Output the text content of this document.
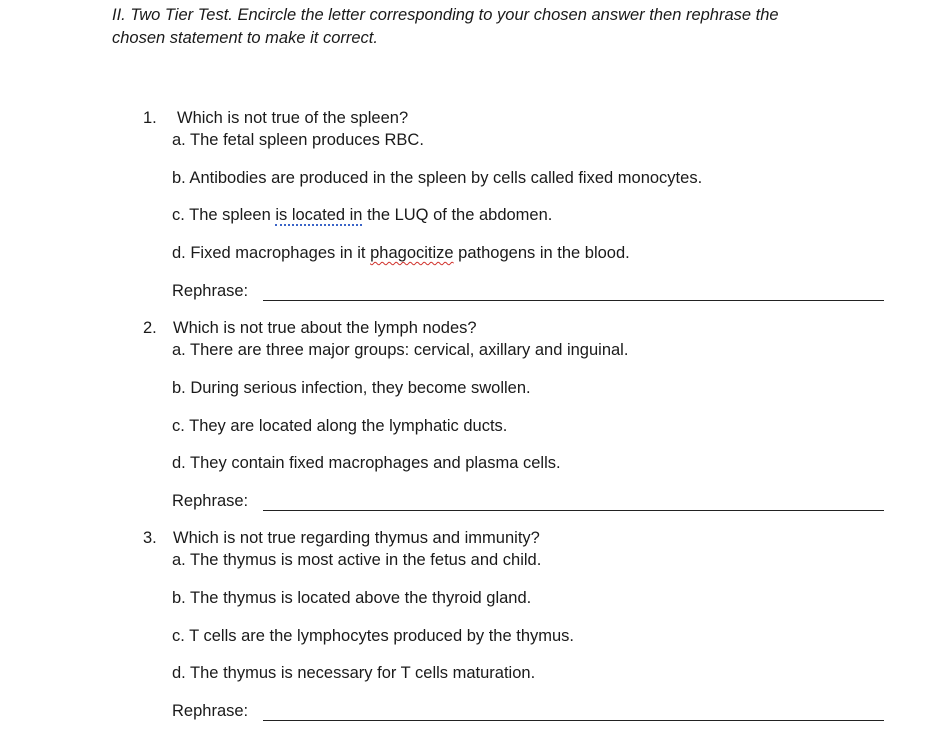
II. Two Tier Test. Encircle the letter corresponding to your chosen answer then rephrase the
chosen statement to make it correct.
1. Which is not true of the spleen?
a. The fetal spleen produces RBC.
b. Antibodies are produced in the spleen by cells called fixed monocytes.
c. The spleen is located in the LUQ of the abdomen.
d. Fixed macrophages in it phagocitize pathogens in the blood.
Rephrase:
2. Which is not true about the lymph nodes?
a. There are three major groups: cervical, axillary and inguinal.
b. During serious infection, they become swollen.
c. They are located along the lymphatic ducts.
d. They contain fixed macrophages and plasma cells.
Rephrase:
3. Which is not true regarding thymus and immunity?
a. The thymus is most active in the fetus and child.
b. The thymus is located above the thyroid gland.
c. T cells are the lymphocytes produced by the thymus.
d. The thymus is necessary for T cells maturation.
Rephrase:
